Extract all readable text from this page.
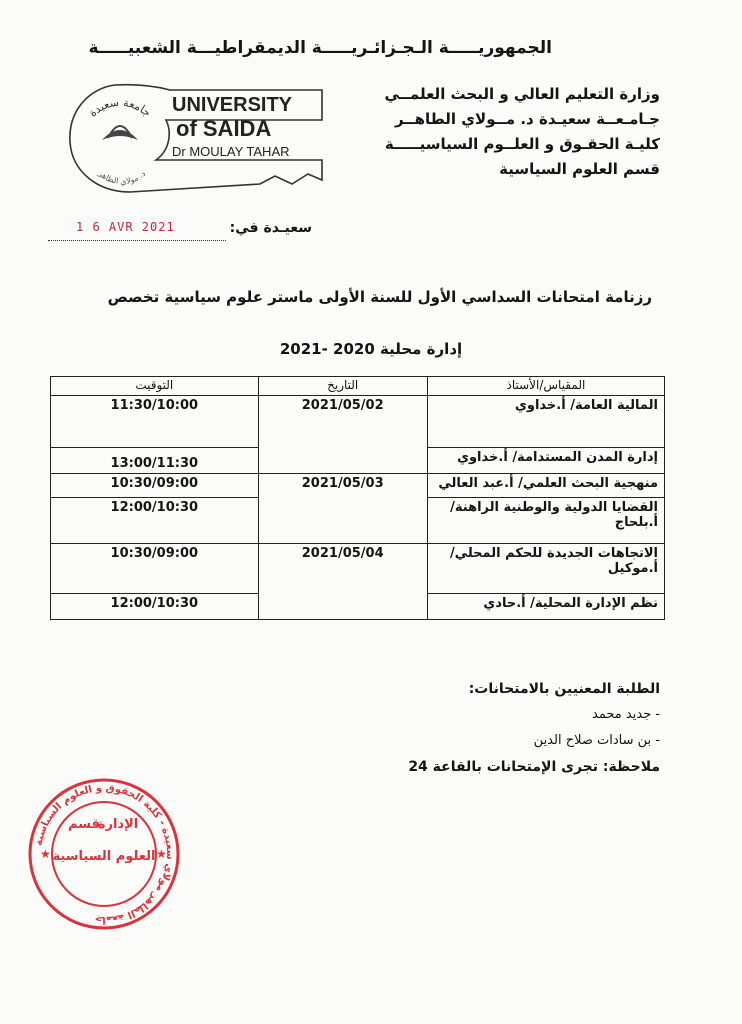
الجمهوريـــــة الـجـزائـريـــــة الديمقراطيـــة الشعبيـــــة
وزارة التعليم العالي و البحث العلمــي
جـامـعــة سعيـدة د. مــولاي الطاهــر
كليـة الحقـوق و العلــوم السياسيـــــة
قسم العلوم السياسية
جامعة سعيدة
د. مولاي الطاهر
UNIVERSITY
of SAIDA
Dr MOULAY TAHAR
سعيـدة في:
1 6 AVR 2021
رزنامة امتحانات السداسي الأول للسنة الأولى ماستر علوم سياسية تخصص
إدارة محلية 2020 -2021
التوقيت	التاريخ	المقياس/الأستاذ
11:30/10:00	2021/05/02	المالية العامة/ أ.خداوي
13:00/11:30		إدارة المدن المستدامة/ أ.خداوي
10:30/09:00	2021/05/03	منهجية البحث العلمي/ أ.عبد العالي
12:00/10:30		القضايا الدولية والوطنية الراهنة/ أ.بلحاج
10:30/09:00	2021/05/04	الاتجاهات الجديدة للحكم المحلي/ أ.موكيل
12:00/10:30		نظم الإدارة المحلية/ أ.حادي
الطلبة المعنيين بالامتحانات:
- جديد محمد
- بن سادات صلاح الدين
ملاحظة: تجرى الإمتحانات بالقاعة 24
جامعة الطاهر مولاي سعيدة - كلية الحقوق و العلوم السياسية
★	★
الإدارة
قسم
العلوم السياسية
